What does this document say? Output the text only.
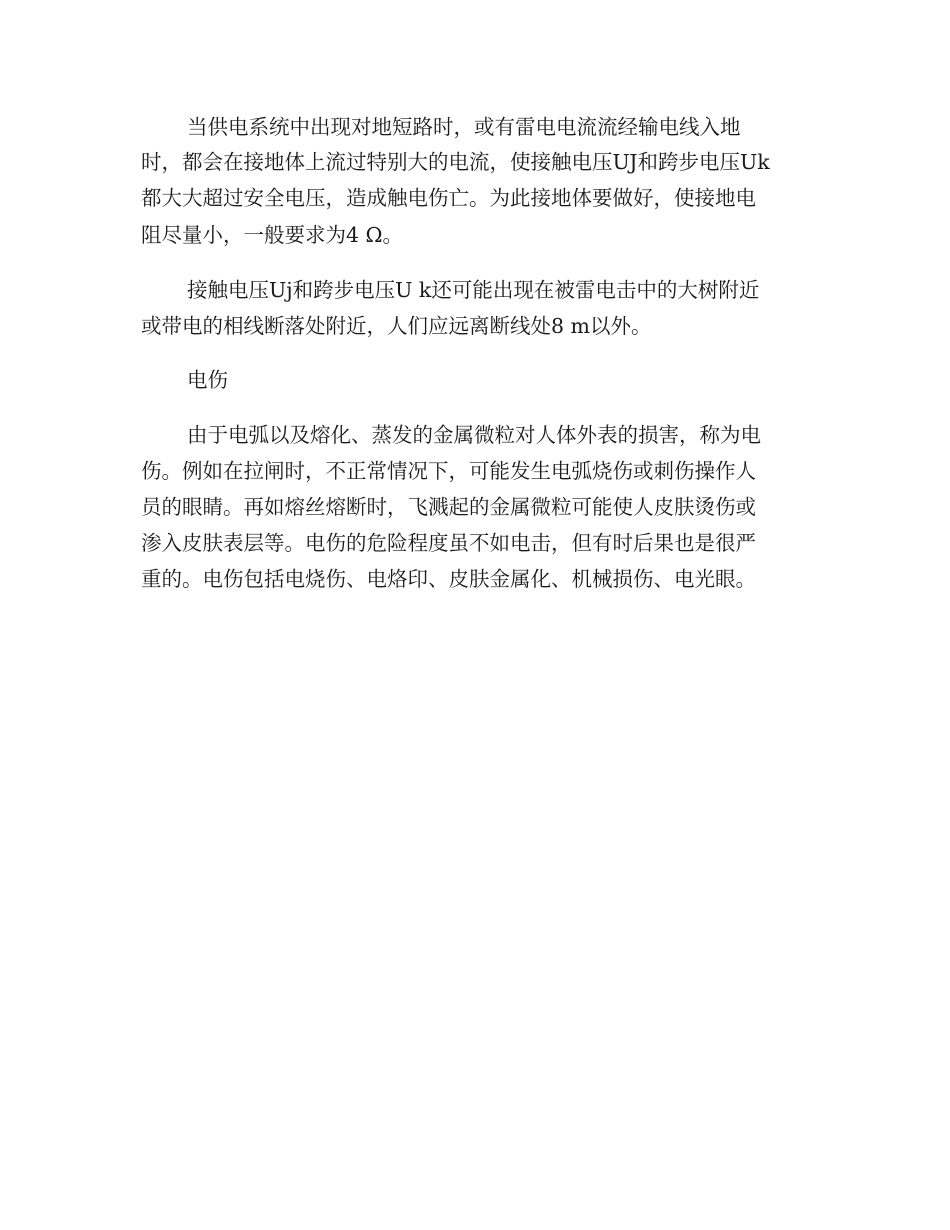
当供电系统中出现对地短路时，或有雷电电流流经输电线入地
时，都会在接地体上流过特别大的电流，使接触电压UJ和跨步电压Uk
都大大超过安全电压，造成触电伤亡。为此接地体要做好，使接地电
阻尽量小，一般要求为4 Ω。
接触电压Uj和跨步电压U k还可能出现在被雷电击中的大树附近
或带电的相线断落处附近，人们应远离断线处8 m以外。
电伤
由于电弧以及熔化、蒸发的金属微粒对人体外表的损害，称为电
伤。例如在拉闸时，不正常情况下，可能发生电弧烧伤或刺伤操作人
员的眼睛。再如熔丝熔断时，飞溅起的金属微粒可能使人皮肤烫伤或
渗入皮肤表层等。电伤的危险程度虽不如电击，但有时后果也是很严
重的。电伤包括电烧伤、电烙印、皮肤金属化、机械损伤、电光眼。
